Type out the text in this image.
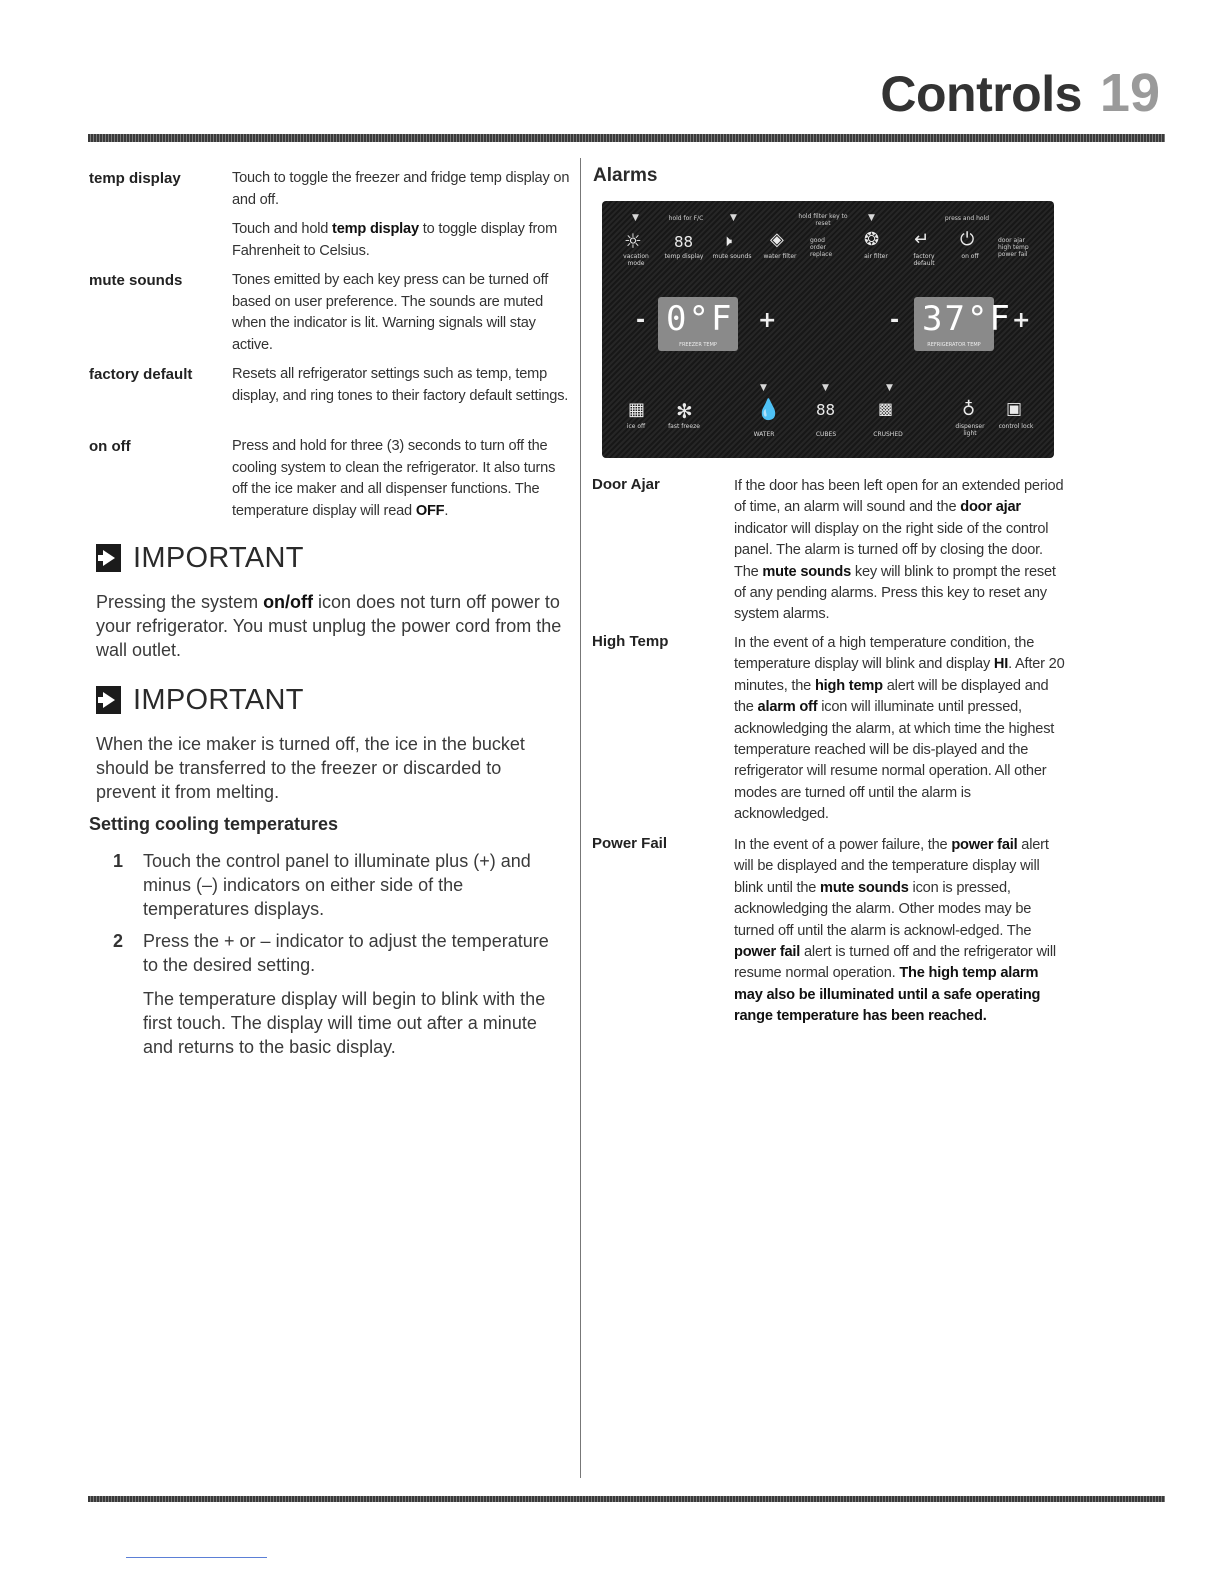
Controls 19
temp display	Touch to toggle the freezer and fridge temp display on and off.

Touch and hold temp display to toggle display from Fahrenheit to Celsius.

mute sounds	Tones emitted by each key press can be turned off based on user preference. The sounds are muted when the indicator is lit. Warning signals will stay active.

factory default	Resets all refrigerator settings such as temp, temp display, and ring tones to their factory default settings.

on off	Press and hold for three (3) seconds to turn off the cooling system to clean the refrigerator. It also turns off the ice maker and all dispenser functions. The temperature display will read OFF.

IMPORTANT
Pressing the system on/off icon does not turn off power to your refrigerator. You must unplug the power cord from the wall outlet.
IMPORTANT
When the ice maker is turned off, the ice in the bucket should be transferred to the freezer or discarded to prevent it from melting.
Setting cooling temperatures
1	Touch the control panel to illuminate plus (+) and minus (–) indicators on either side of the temperatures displays.

2	Press the + or – indicator to adjust the temperature to the desired setting.

The temperature display will begin to blink with the first touch. The display will time out after a minute and returns to the basic display.

Alarms
▼	hold for F/C	▼	hold filter key to reset
▼	press and hold
☼ 88 🕨 ◈	❂ ↵ ⏻
good
order
replace
door ajar
high temp
power fail
vacation mode
temp display mute sounds	water filter	air filter	factory default
on off
- 0°F
FREEZER TEMP
+	- 37°F
REFRIGERATOR TEMP
+
▼	▼	▼
▦ ✻	💧 88	▩	♁ ▣
ice off	fast freeze
WATER	CUBES	CRUSHED
dispenser light
control lock
Door Ajar	If the door has been left open for an extended period of time, an alarm will sound and the door ajar indicator will display on the right side of the control panel. The alarm is turned off by closing the door. The mute sounds key will blink to prompt the reset of any pending alarms. Press this key to reset any system alarms.
High Temp	In the event of a high temperature condition, the temperature display will blink and display HI. After 20 minutes, the high temp alert will be displayed and the alarm off icon will illuminate until pressed, acknowledging the alarm, at which time the highest temperature reached will be dis-played and the refrigerator will resume normal operation. All other modes are turned off until the alarm is acknowledged.
Power Fail	In the event of a power failure, the power fail alert will be displayed and the temperature display will blink until the mute sounds icon is pressed, acknowledging the alarm. Other modes may be turned off until the alarm is acknowl-edged. The power fail alert is turned off and the refrigerator will resume normal operation. The high temp alarm may also be illuminated until a safe operating range temperature has been reached.
